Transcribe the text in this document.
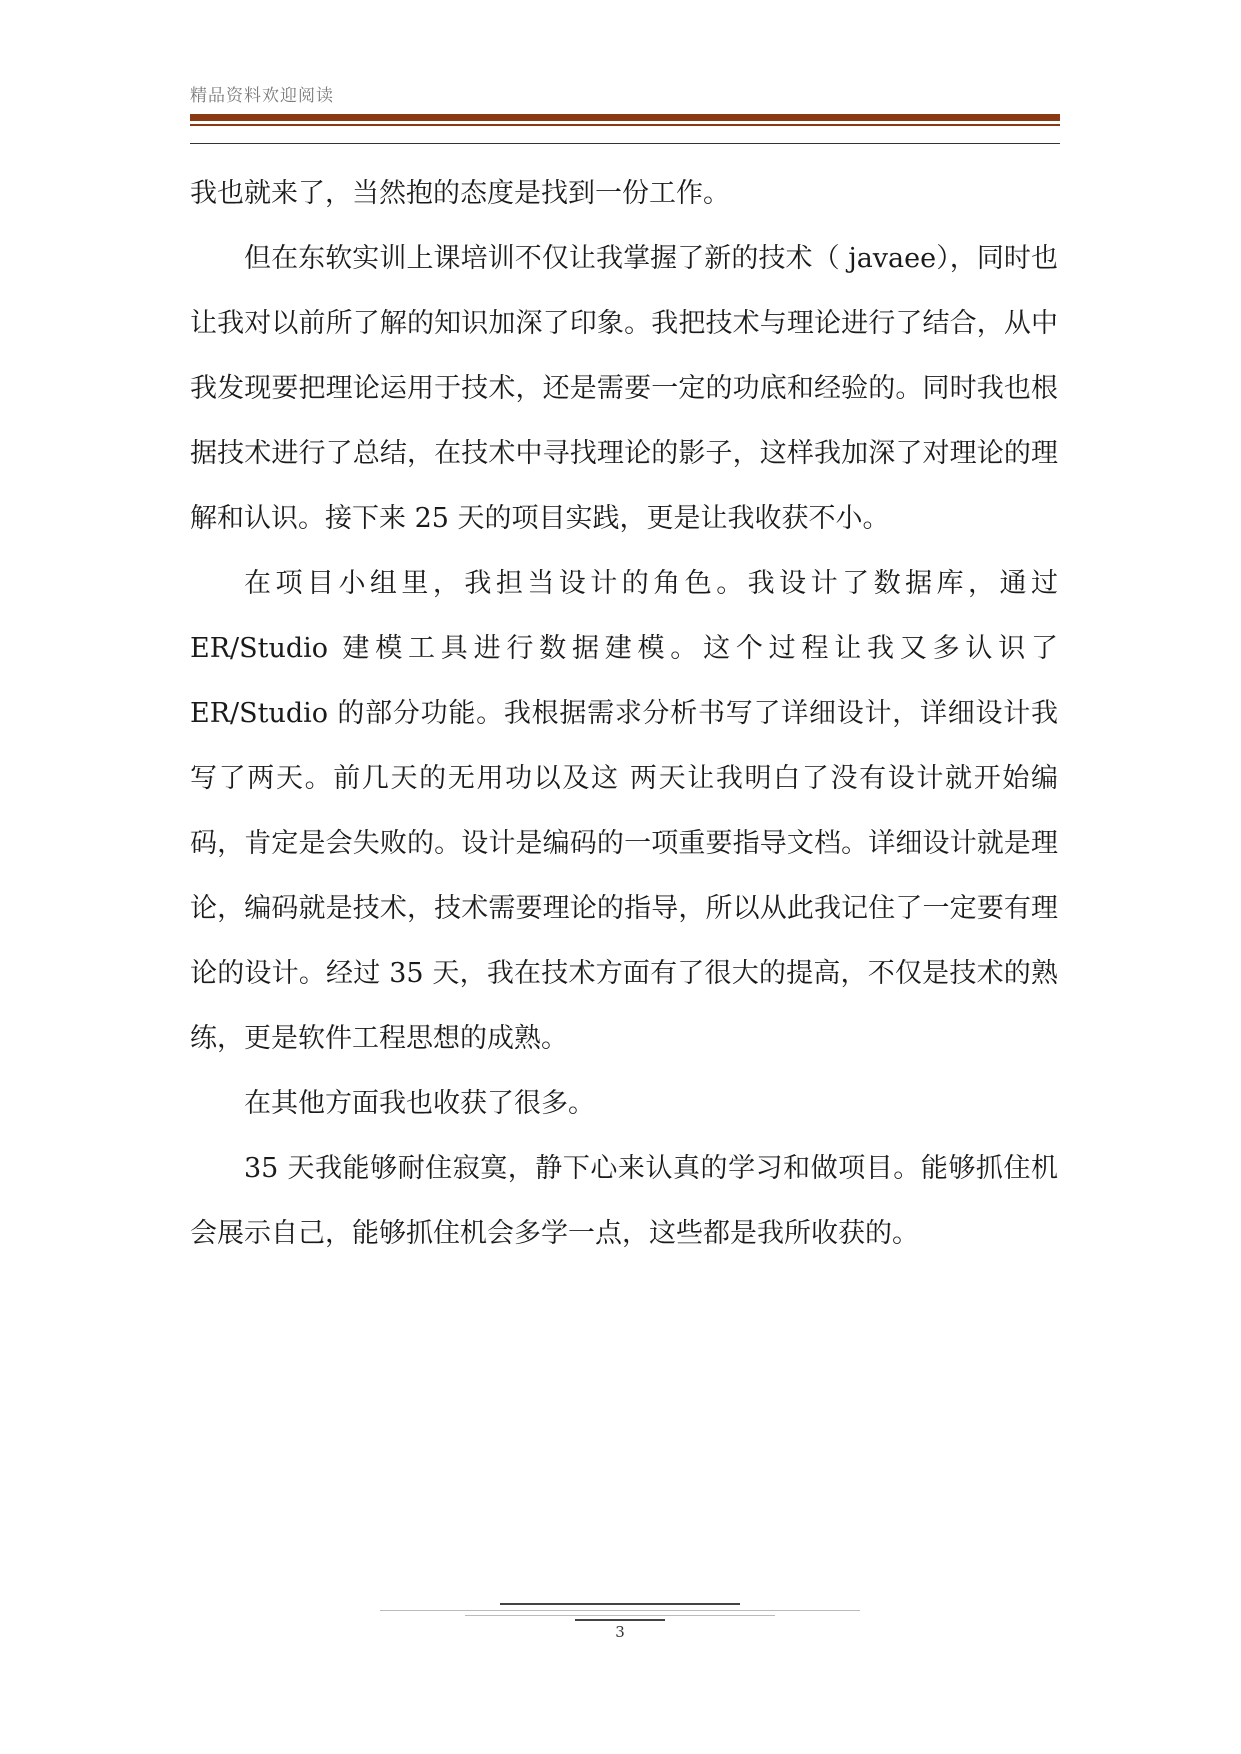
精品资料欢迎阅读

我也就来了，当然抱的态度是找到一份工作。

但在东软实训上课培训不仅让我掌握了新的技术（ javaee），同时也让我对以前所了解的知识加深了印象。我把技术与理论进行了结合，从中我发现要把理论运用于技术，还是需要一定的功底和经验的。同时我也根据技术进行了总结，在技术中寻找理论的影子，这样我加深了对理论的理解和认识。接下来 25 天的项目实践，更是让我收获不小。

在项目小组里，我担当设计的角色。我设计了数据库，通过 ER/Studio 建模工具进行数据建模。这个过程让我又多认识了 ER/Studio 的部分功能。我根据需求分析书写了详细设计，详细设计我写了两天。前几天的无用功以及这 两天让我明白了没有设计就开始编码，肯定是会失败的。设计是编码的一项重要指导文档。详细设计就是理论，编码就是技术，技术需要理论的指导，所以从此我记住了一定要有理论的设计。经过 35 天，我在技术方面有了很大的提高，不仅是技术的熟练，更是软件工程思想的成熟。

在其他方面我也收获了很多。

35 天我能够耐住寂寞，静下心来认真的学习和做项目。能够抓住机会展示自己，能够抓住机会多学一点，这些都是我所收获的。

3
